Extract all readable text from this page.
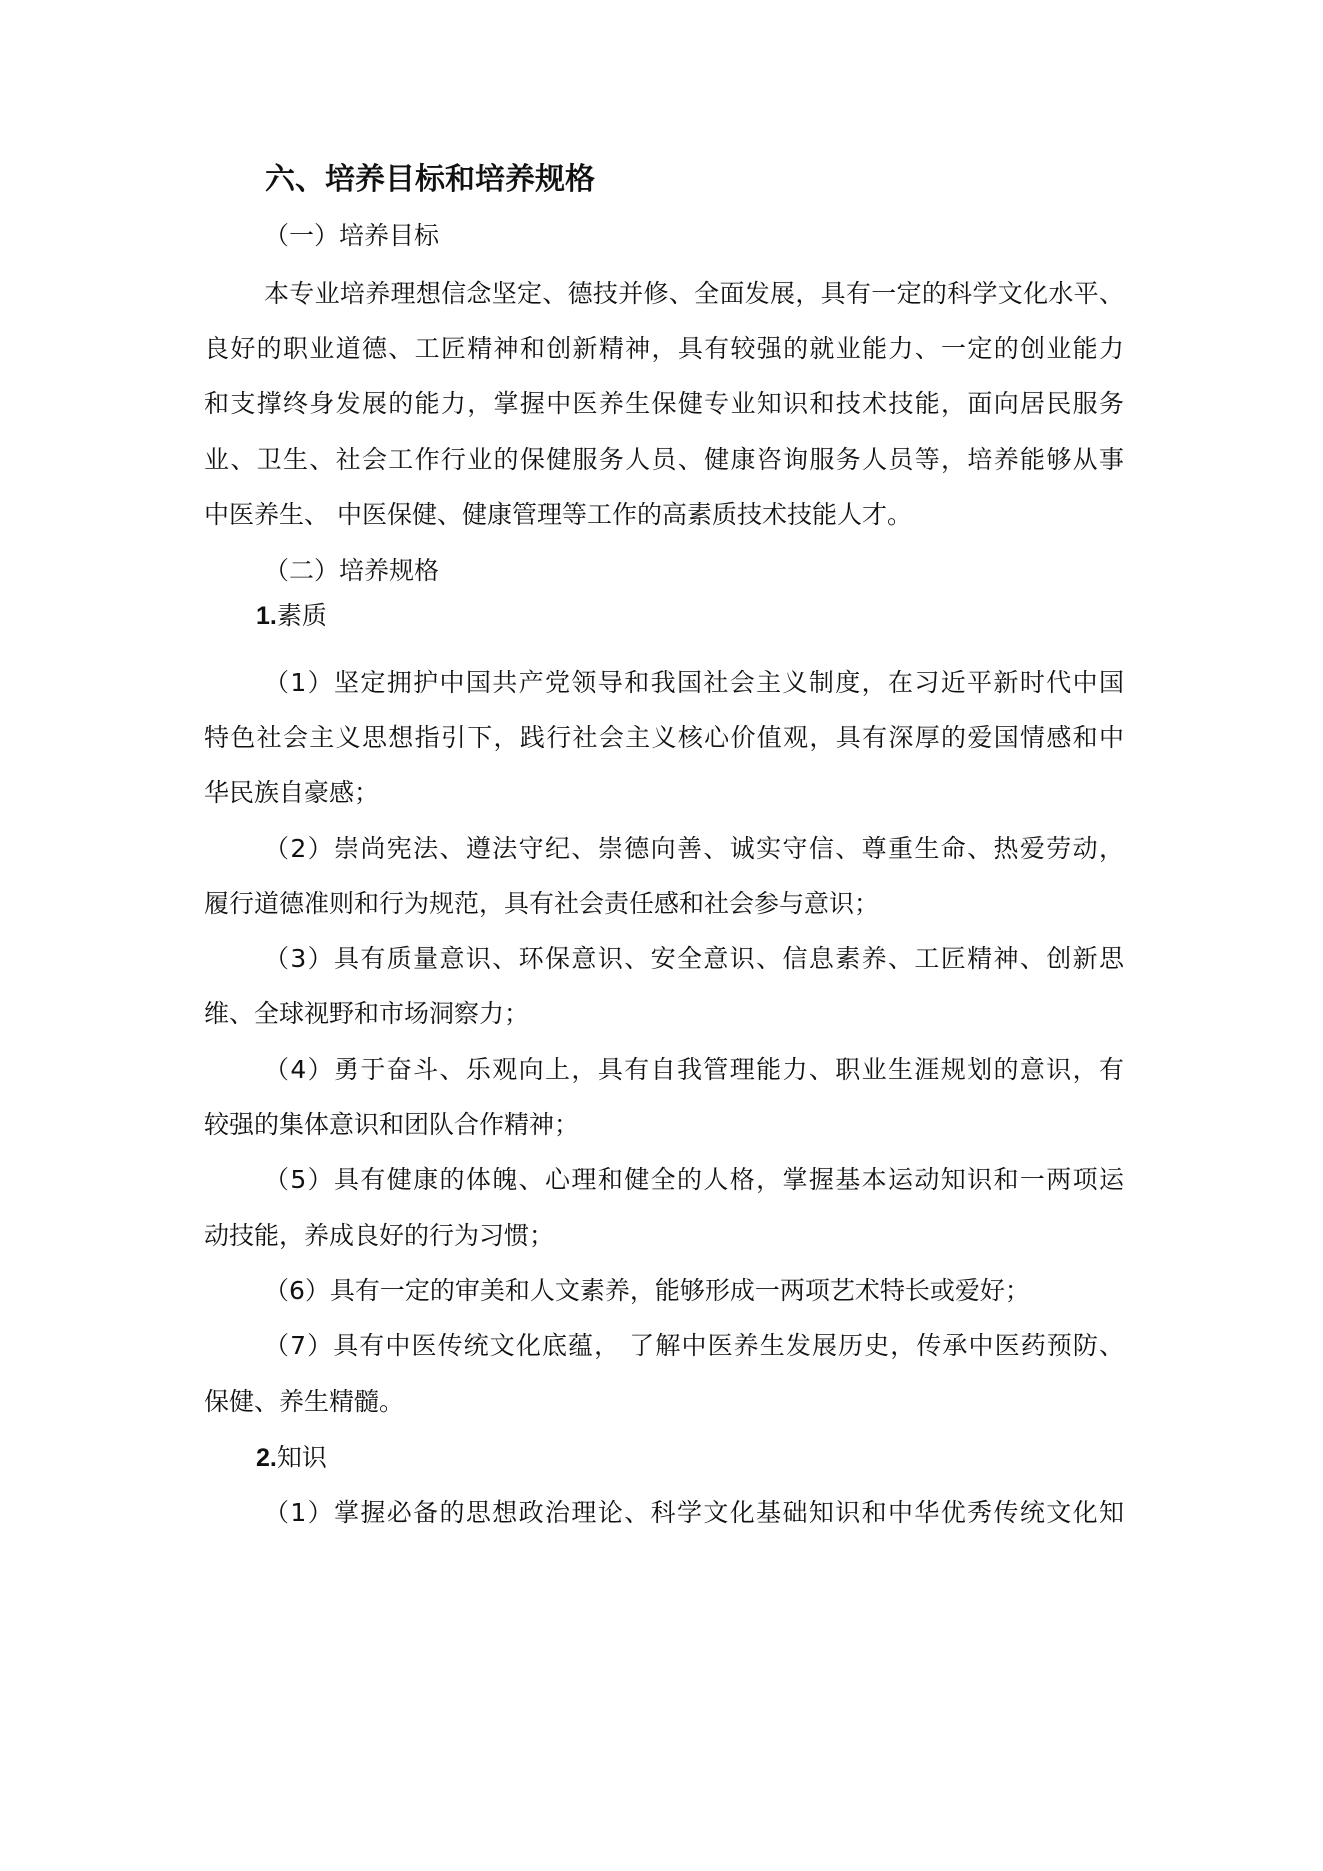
六、培养目标和培养规格
（一）培养目标
本专业培养理想信念坚定、德技并修、全面发展，具有一定的科学文化水平、
良好的职业道德、工匠精神和创新精神，具有较强的就业能力、一定的创业能力
和支撑终身发展的能力，掌握中医养生保健专业知识和技术技能，面向居民服务
业、卫生、社会工作行业的保健服务人员、健康咨询服务人员等，培养能够从事
中医养生、 中医保健、健康管理等工作的高素质技术技能人才。
（二）培养规格
1.素质
（1）坚定拥护中国共产党领导和我国社会主义制度，在习近平新时代中国
特色社会主义思想指引下，践行社会主义核心价值观，具有深厚的爱国情感和中
华民族自豪感；
（2）崇尚宪法、遵法守纪、崇德向善、诚实守信、尊重生命、热爱劳动，
履行道德准则和行为规范，具有社会责任感和社会参与意识；
（3）具有质量意识、环保意识、安全意识、信息素养、工匠精神、创新思
维、全球视野和市场洞察力；
（4）勇于奋斗、乐观向上，具有自我管理能力、职业生涯规划的意识，有
较强的集体意识和团队合作精神；
（5）具有健康的体魄、心理和健全的人格，掌握基本运动知识和一两项运
动技能，养成良好的行为习惯；
（6）具有一定的审美和人文素养，能够形成一两项艺术特长或爱好；
（7）具有中医传统文化底蕴， 了解中医养生发展历史，传承中医药预防、
保健、养生精髓。
2.知识
（1）掌握必备的思想政治理论、科学文化基础知识和中华优秀传统文化知
